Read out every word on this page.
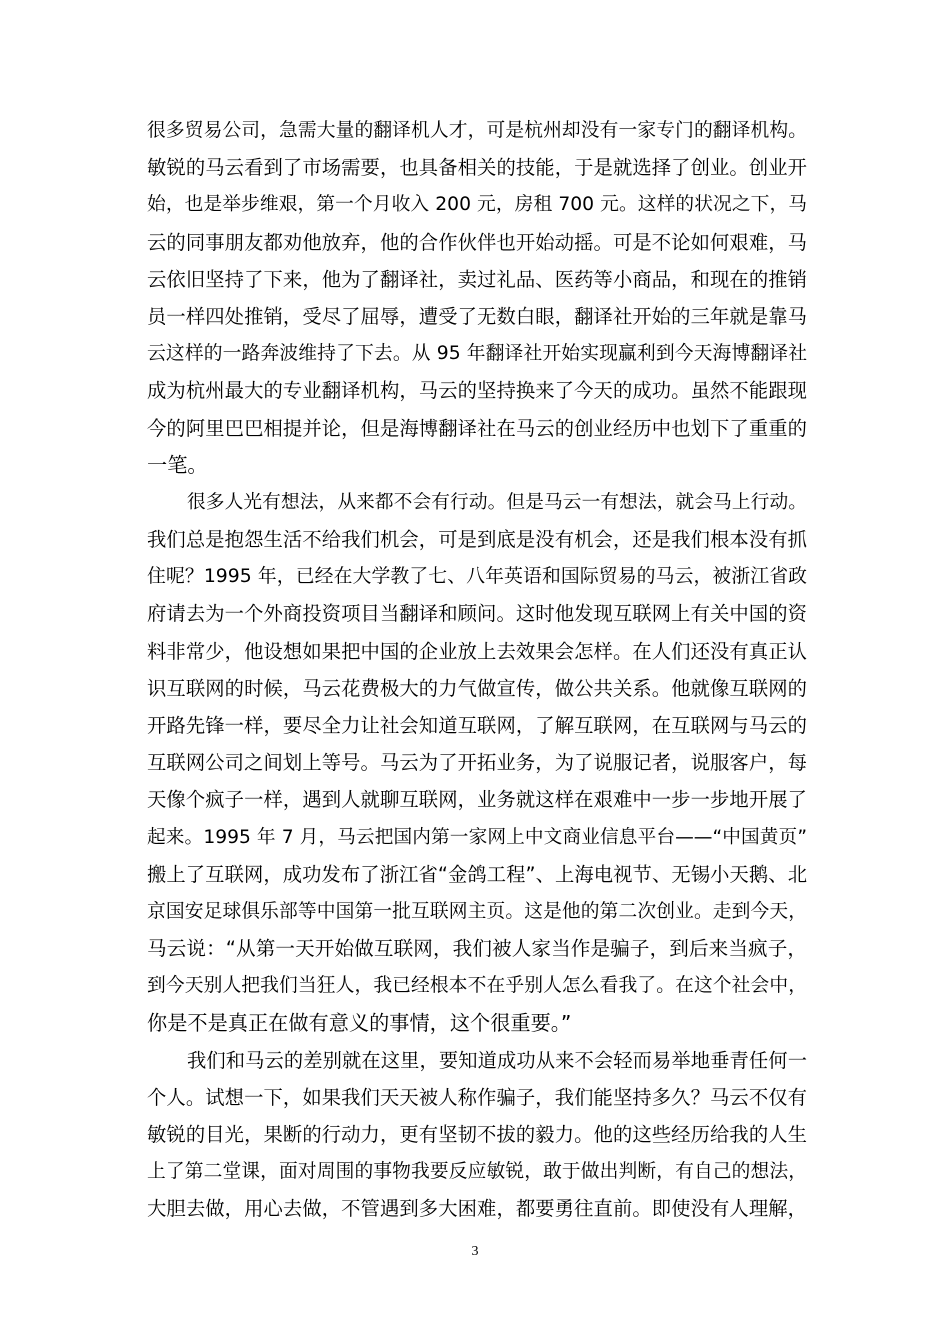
很多贸易公司，急需大量的翻译机人才，可是杭州却没有一家专门的翻译机构。
敏锐的马云看到了市场需要，也具备相关的技能，于是就选择了创业。创业开
始，也是举步维艰，第一个月收入 200 元，房租 700 元。这样的状况之下，马
云的同事朋友都劝他放弃，他的合作伙伴也开始动摇。可是不论如何艰难，马
云依旧坚持了下来，他为了翻译社，卖过礼品、医药等小商品，和现在的推销
员一样四处推销，受尽了屈辱，遭受了无数白眼，翻译社开始的三年就是靠马
云这样的一路奔波维持了下去。从 95 年翻译社开始实现赢利到今天海博翻译社
成为杭州最大的专业翻译机构，马云的坚持换来了今天的成功。虽然不能跟现
今的阿里巴巴相提并论，但是海博翻译社在马云的创业经历中也划下了重重的
一笔。
很多人光有想法，从来都不会有行动。但是马云一有想法，就会马上行动。
我们总是抱怨生活不给我们机会，可是到底是没有机会，还是我们根本没有抓
住呢？1995 年，已经在大学教了七、八年英语和国际贸易的马云，被浙江省政
府请去为一个外商投资项目当翻译和顾问。这时他发现互联网上有关中国的资
料非常少，他设想如果把中国的企业放上去效果会怎样。在人们还没有真正认
识互联网的时候，马云花费极大的力气做宣传，做公共关系。他就像互联网的
开路先锋一样，要尽全力让社会知道互联网，了解互联网，在互联网与马云的
互联网公司之间划上等号。马云为了开拓业务，为了说服记者，说服客户，每
天像个疯子一样，遇到人就聊互联网，业务就这样在艰难中一步一步地开展了
起来。1995 年 7 月，马云把国内第一家网上中文商业信息平台——“中国黄页”
搬上了互联网，成功发布了浙江省“金鸽工程”、上海电视节、无锡小天鹅、北
京国安足球俱乐部等中国第一批互联网主页。这是他的第二次创业。走到今天，
马云说：“从第一天开始做互联网，我们被人家当作是骗子，到后来当疯子，
到今天别人把我们当狂人，我已经根本不在乎别人怎么看我了。在这个社会中，
你是不是真正在做有意义的事情，这个很重要。”
我们和马云的差别就在这里，要知道成功从来不会轻而易举地垂青任何一
个人。试想一下，如果我们天天被人称作骗子，我们能坚持多久？马云不仅有
敏锐的目光，果断的行动力，更有坚韧不拔的毅力。他的这些经历给我的人生
上了第二堂课，面对周围的事物我要反应敏锐，敢于做出判断，有自己的想法，
大胆去做，用心去做，不管遇到多大困难，都要勇往直前。即使没有人理解，
3
